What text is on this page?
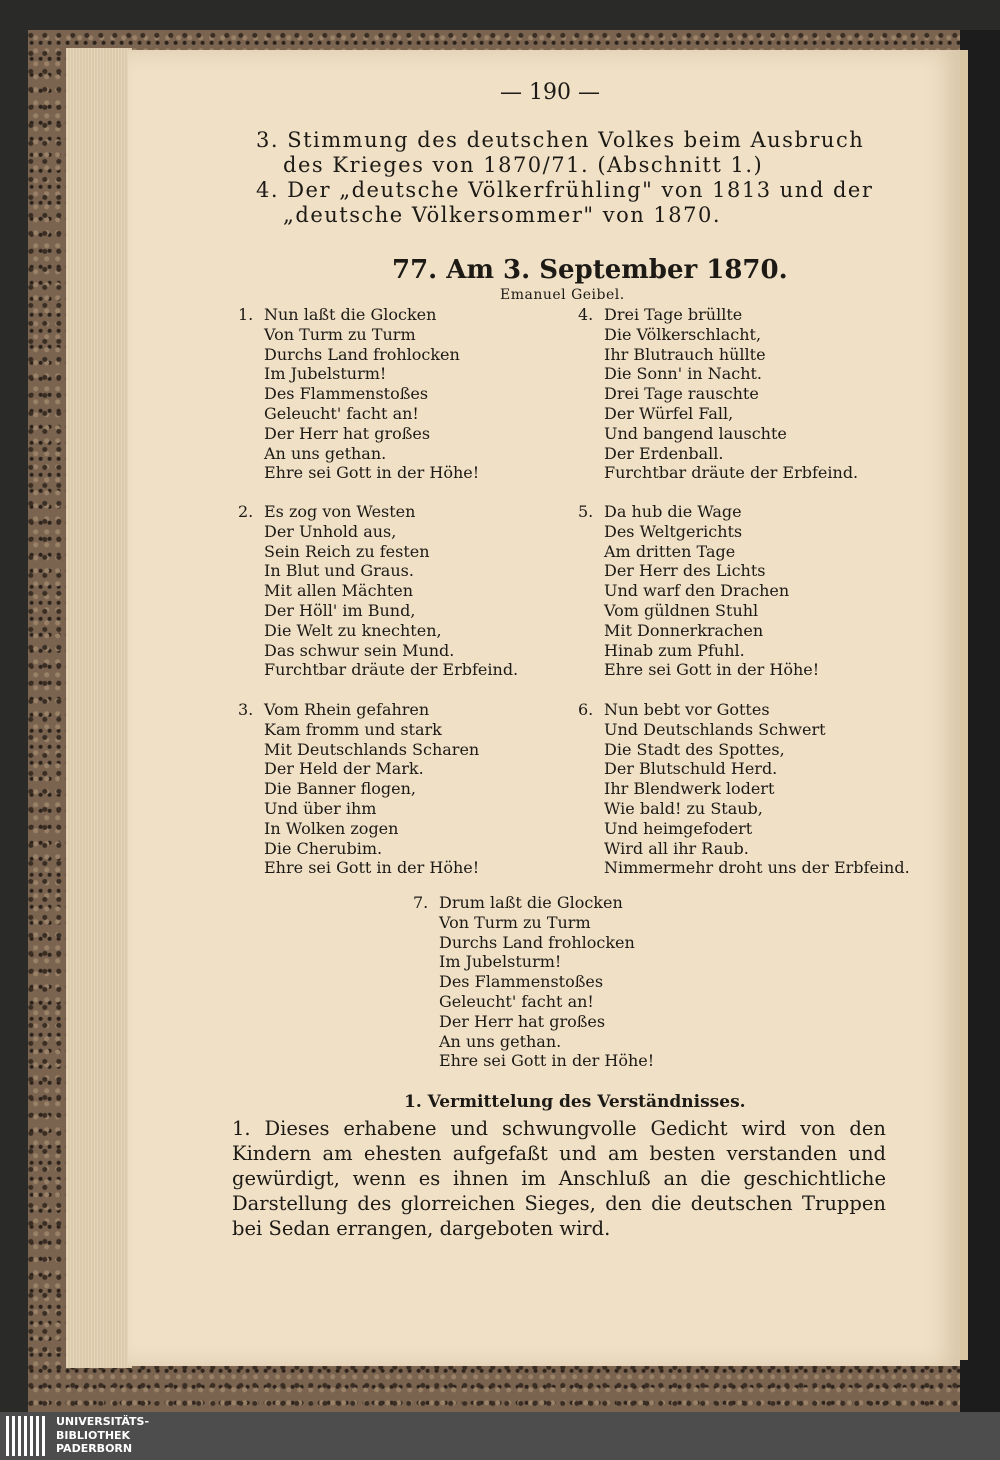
— 190 —
3. Stimmung des deutschen Volkes beim Ausbruch
des Krieges von 1870/71. (Abschnitt 1.)
4. Der „deutsche Völkerfrühling" von 1813 und der
„deutsche Völkersommer" von 1870.
77. Am 3. September 1870.
Emanuel Geibel.
1. Nun laßt die Glocken
Von Turm zu Turm
Durchs Land frohlocken
Im Jubelsturm!
Des Flammenstoßes
Geleucht' facht an!
Der Herr hat großes
An uns gethan.
Ehre sei Gott in der Höhe!
2. Es zog von Westen
Der Unhold aus,
Sein Reich zu festen
In Blut und Graus.
Mit allen Mächten
Der Höll' im Bund,
Die Welt zu knechten,
Das schwur sein Mund.
Furchtbar dräute der Erbfeind.
3. Vom Rhein gefahren
Kam fromm und stark
Mit Deutschlands Scharen
Der Held der Mark.
Die Banner flogen,
Und über ihm
In Wolken zogen
Die Cherubim.
Ehre sei Gott in der Höhe!
4. Drei Tage brüllte
Die Völkerschlacht,
Ihr Blutrauch hüllte
Die Sonn' in Nacht.
Drei Tage rauschte
Der Würfel Fall,
Und bangend lauschte
Der Erdenball.
Furchtbar dräute der Erbfeind.
5. Da hub die Wage
Des Weltgerichts
Am dritten Tage
Der Herr des Lichts
Und warf den Drachen
Vom güldnen Stuhl
Mit Donnerkrachen
Hinab zum Pfuhl.
Ehre sei Gott in der Höhe!
6. Nun bebt vor Gottes
Und Deutschlands Schwert
Die Stadt des Spottes,
Der Blutschuld Herd.
Ihr Blendwerk lodert
Wie bald! zu Staub,
Und heimgefodert
Wird all ihr Raub.
Nimmermehr droht uns der Erbfeind.
7. Drum laßt die Glocken
Von Turm zu Turm
Durchs Land frohlocken
Im Jubelsturm!
Des Flammenstoßes
Geleucht' facht an!
Der Herr hat großes
An uns gethan.
Ehre sei Gott in der Höhe!
1. Vermittelung des Verständnisses.
1. Dieses erhabene und schwungvolle Gedicht wird von den Kindern am ehesten aufgefaßt und am besten verstanden und gewürdigt, wenn es ihnen im Anschluß an die geschichtliche Darstellung des glorreichen Sieges, den die deutschen Truppen bei Sedan errangen, dargeboten wird.
UNIVERSITÄTS-
BIBLIOTHEK
PADERBORN
